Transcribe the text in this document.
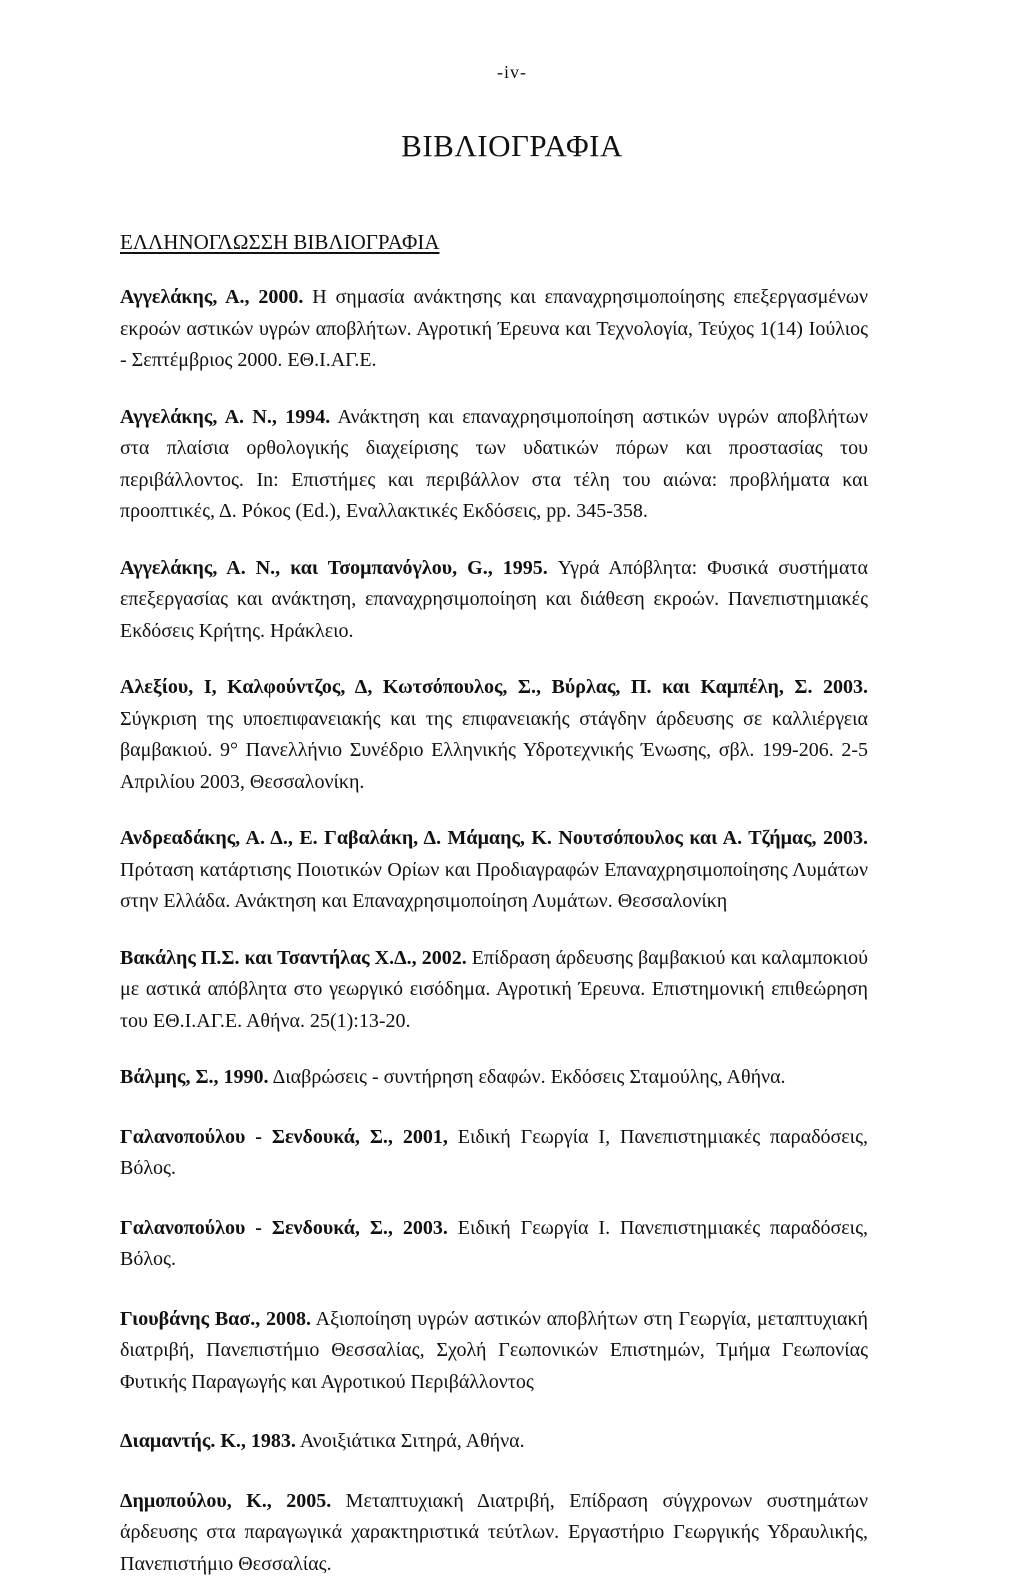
-iv-
ΒΙΒΛΙΟΓΡΑΦΙΑ
ΕΛΛΗΝΟΓΛΩΣΣΗ ΒΙΒΛΙΟΓΡΑΦΙΑ

Αγγελάκης, Α., 2000. Η σημασία ανάκτησης και επαναχρησιμοποίησης επεξεργασμένων εκροών αστικών υγρών αποβλήτων. Αγροτική Έρευνα και Τεχνολογία, Τεύχος 1(14) Ιούλιος - Σεπτέμβριος 2000. ΕΘ.Ι.ΑΓ.Ε.

Αγγελάκης, Α. Ν., 1994. Ανάκτηση και επαναχρησιμοποίηση αστικών υγρών αποβλήτων στα πλαίσια ορθολογικής διαχείρισης των υδατικών πόρων και προστασίας του περιβάλλοντος. In: Επιστήμες και περιβάλλον στα τέλη του αιώνα: προβλήματα και προοπτικές, Δ. Ρόκος (Ed.), Εναλλακτικές Εκδόσεις, pp. 345-358.

Αγγελάκης, Α. Ν., και Τσομπανόγλου, G., 1995. Υγρά Απόβλητα: Φυσικά συστήματα επεξεργασίας και ανάκτηση, επαναχρησιμοποίηση και διάθεση εκροών. Πανεπιστημιακές Εκδόσεις Κρήτης. Ηράκλειο.

Αλεξίου, Ι, Καλφούντζος, Δ, Κωτσόπουλος, Σ., Βύρλας, Π. και Καμπέλη, Σ. 2003. Σύγκριση της υποεπιφανειακής και της επιφανειακής στάγδην άρδευσης σε καλλιέργεια βαμβακιού. 9° Πανελλήνιο Συνέδριο Ελληνικής Υδροτεχνικής Ένωσης, σβλ. 199-206. 2-5 Απριλίου 2003, Θεσσαλονίκη.

Ανδρεαδάκης, Α. Δ., Ε. Γαβαλάκη, Δ. Μάμαης, Κ. Νουτσόπουλος και Α. Τζήμας, 2003. Πρόταση κατάρτισης Ποιοτικών Ορίων και Προδιαγραφών Επαναχρησιμοποίησης Λυμάτων στην Ελλάδα. Ανάκτηση και Επαναχρησιμοποίηση Λυμάτων. Θεσσαλονίκη

Βακάλης Π.Σ. και Τσαντήλας Χ.Δ., 2002. Επίδραση άρδευσης βαμβακιού και καλαμποκιού με αστικά απόβλητα στο γεωργικό εισόδημα. Αγροτική Έρευνα. Επιστημονική επιθεώρηση του ΕΘ.Ι.ΑΓ.Ε. Αθήνα. 25(1):13-20.

Βάλμης, Σ., 1990. Διαβρώσεις - συντήρηση εδαφών. Εκδόσεις Σταμούλης, Αθήνα.

Γαλανοπούλου - Σενδουκά, Σ., 2001, Ειδική Γεωργία Ι, Πανεπιστημιακές παραδόσεις, Βόλος.

Γαλανοπούλου - Σενδουκά, Σ., 2003. Ειδική Γεωργία Ι. Πανεπιστημιακές παραδόσεις, Βόλος.

Γιουβάνης Βασ., 2008. Αξιοποίηση υγρών αστικών αποβλήτων στη Γεωργία, μεταπτυχιακή διατριβή, Πανεπιστήμιο Θεσσαλίας, Σχολή Γεωπονικών Επιστημών, Τμήμα Γεωπονίας Φυτικής Παραγωγής και Αγροτικού Περιβάλλοντος

Διαμαντής. Κ., 1983. Ανοιξιάτικα Σιτηρά, Αθήνα.

Δημοπούλου, Κ., 2005. Μεταπτυχιακή Διατριβή, Επίδραση σύγχρονων συστημάτων άρδευσης στα παραγωγικά χαρακτηριστικά τεύτλων. Εργαστήριο Γεωργικής Υδραυλικής, Πανεπιστήμιο Θεσσαλίας.
